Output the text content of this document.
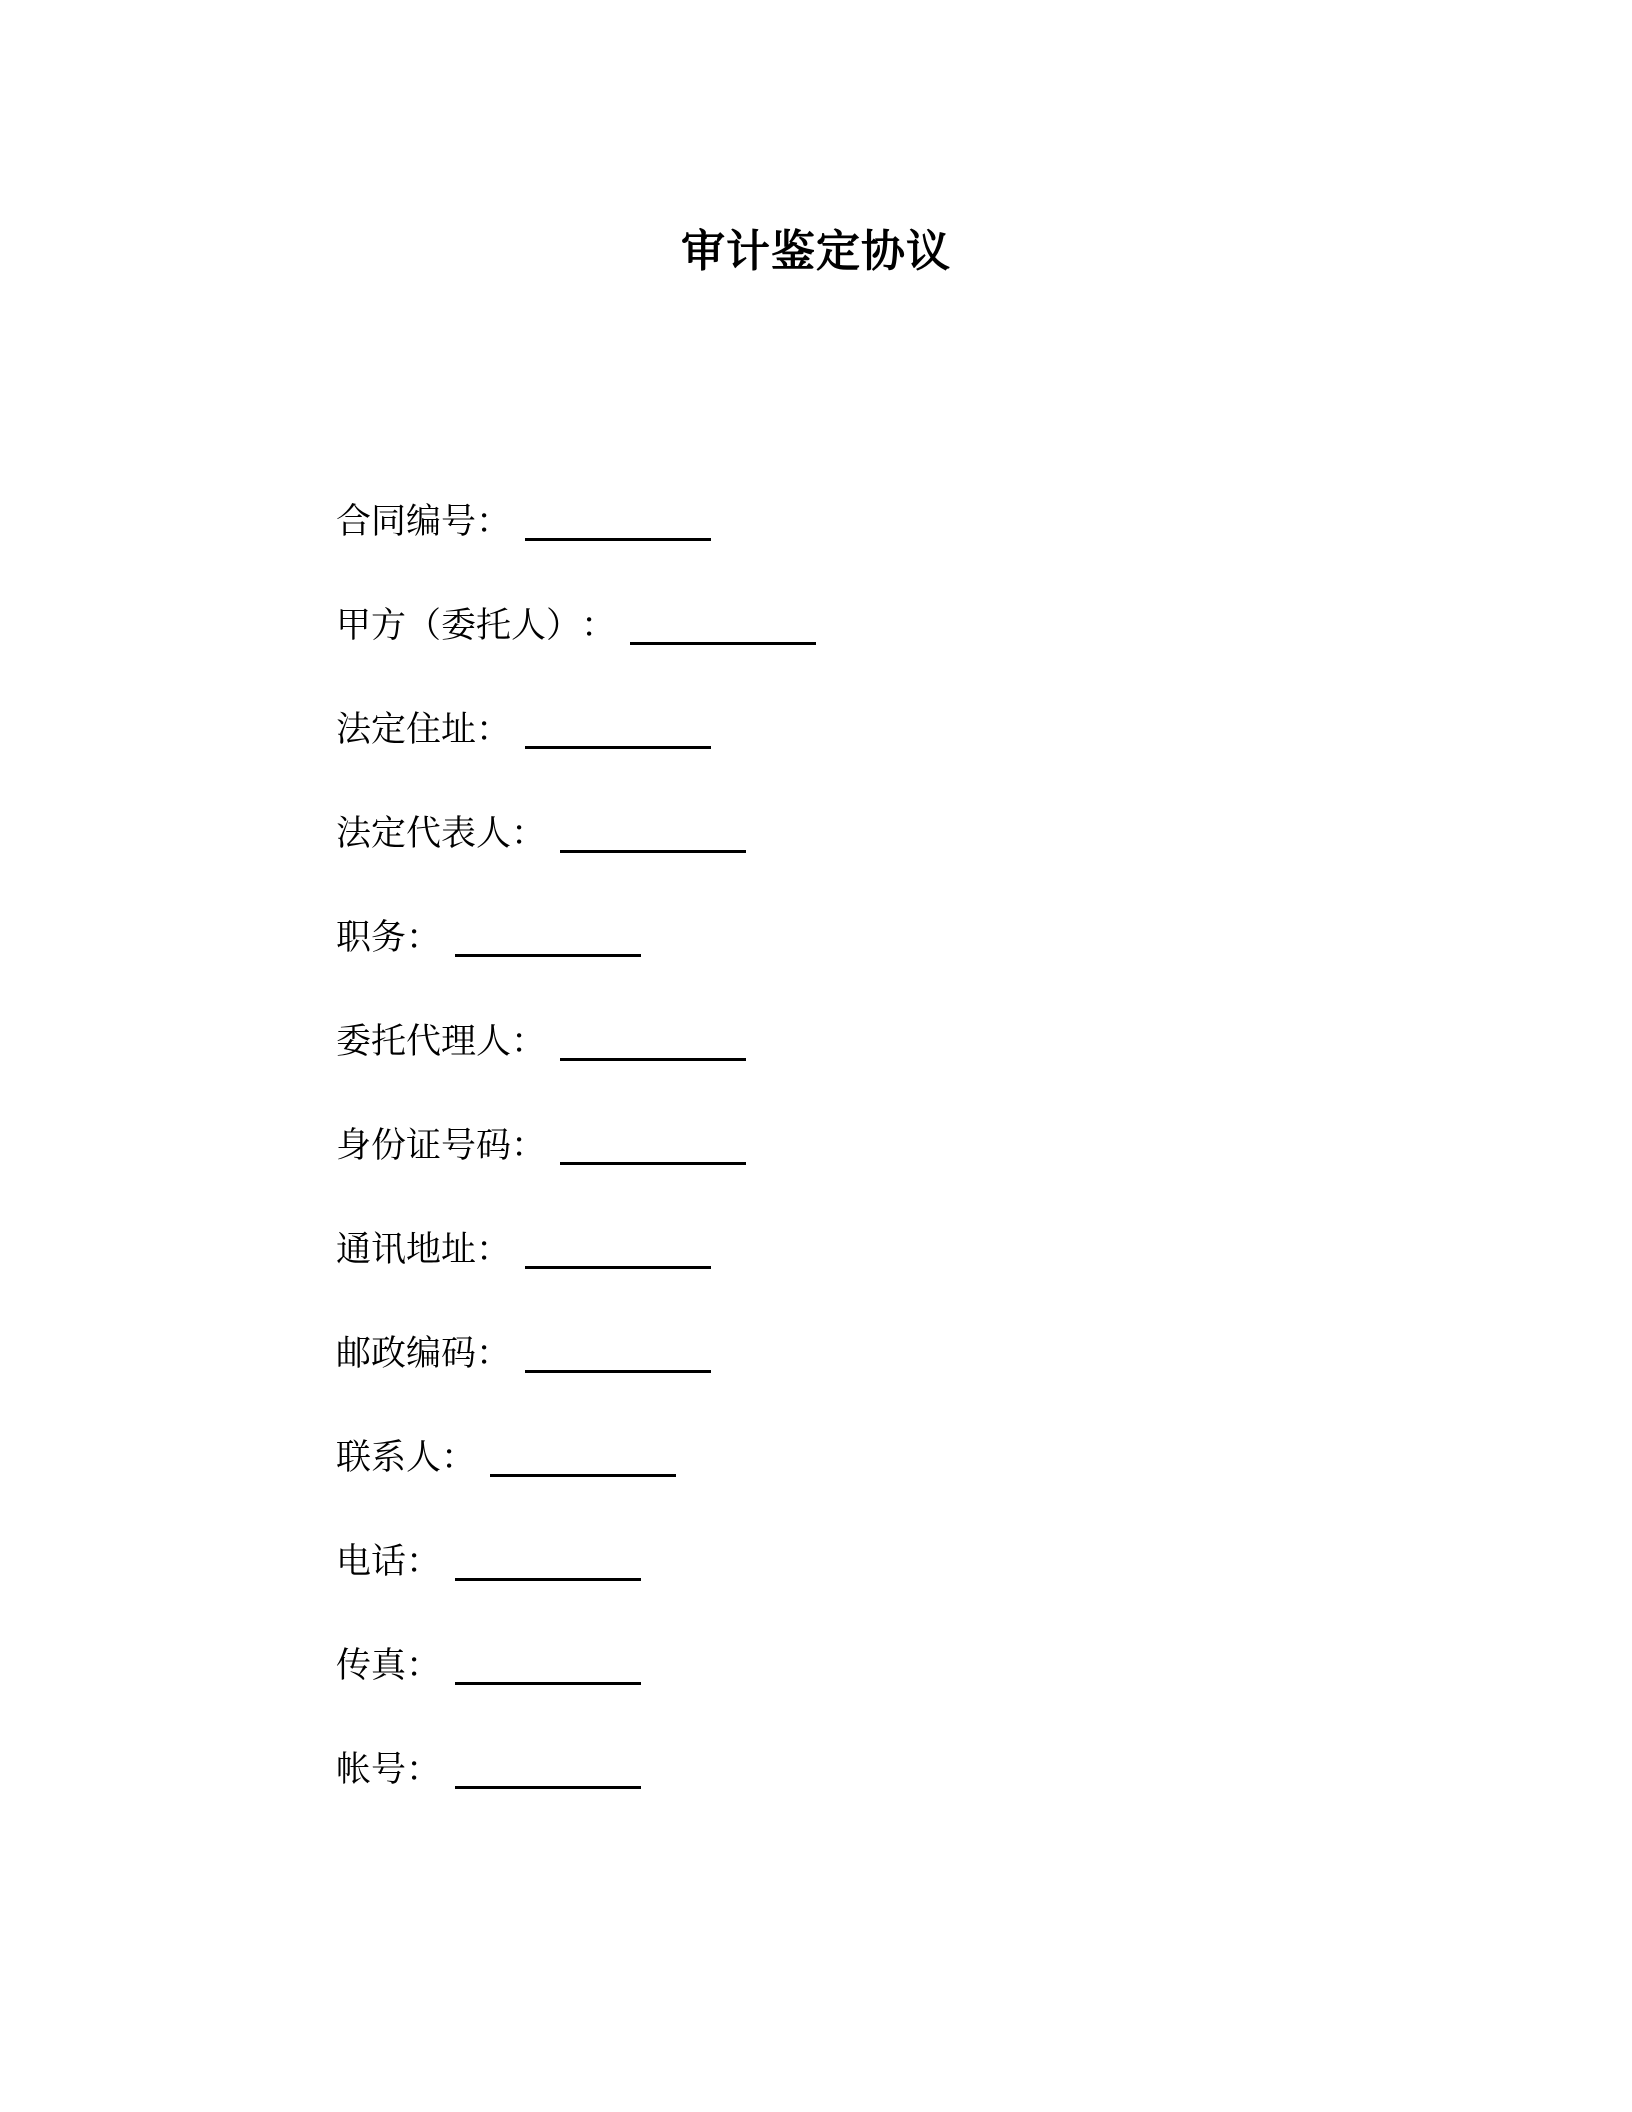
审计鉴定协议
合同编号 ：
甲方（委托人） ：
法定住址 ：
法定代表人 ：
职务 ：
委托代理人 ：
身份证号码 ：
通讯地址 ：
邮政编码 ：
联系人 ：
电话 ：
传真 ：
帐号 ：
